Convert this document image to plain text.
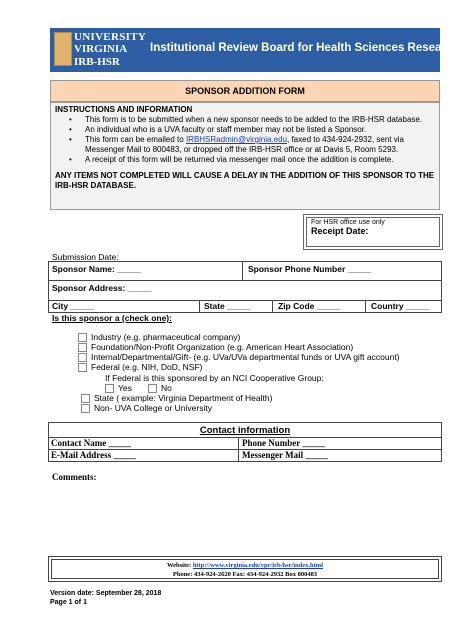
UNIVERSITY
VIRGINIA
IRB-HSR
Institutional Review Board for Health Sciences Research
SPONSOR ADDITION FORM
INSTRUCTIONS AND INFORMATION
• This form is to be submitted when a new sponsor needs to be added to the IRB-HSR database.
• An individual who is a UVA faculty or staff member may not be listed a Sponsor.
• This form can be emailed to IRBHSRadmin@virginia.edu, faxed to 434-924-2932, sent via Messenger Mail to 800483, or dropped off the IRB-HSR office or at Davis 5, Room 5293.
• A receipt of this form will be returned via messenger mail once the addition is complete.
ANY ITEMS NOT COMPLETED WILL CAUSE A DELAY IN THE ADDITION OF THIS SPONSOR TO THE IRB-HSR DATABASE.
For HSR office use only
Receipt Date:
Submission Date: _____
Sponsor Name: _____	Sponsor Phone Number _____
Sponsor Address: _____
City _____	State _____	Zip Code _____	Country _____
Is this sponsor a (check one):
Industry (e.g. pharmaceutical company)
Foundation/Non-Profit Organization (e.g. American Heart Association)
Internal/Departmental/Gift- (e.g. UVa/UVa departmental funds or UVA gift account)
Federal (e.g. NIH, DoD, NSF)
If Federal is this sponsored by an NCI Cooperative Group:
Yes	No
State ( example: Virginia Department of Health)
Non- UVA College or University
Contact information
Contact Name _____	Phone Number _____
E-Mail Address _____	Messenger Mail _____
Comments:
Website: http://www.virginia.edu/vpr/irb/hsr/index.html
Phone: 434-924-2620 Fax: 434-924-2932 Box 800483
Version date: September 28, 2018
Page 1 of 1
